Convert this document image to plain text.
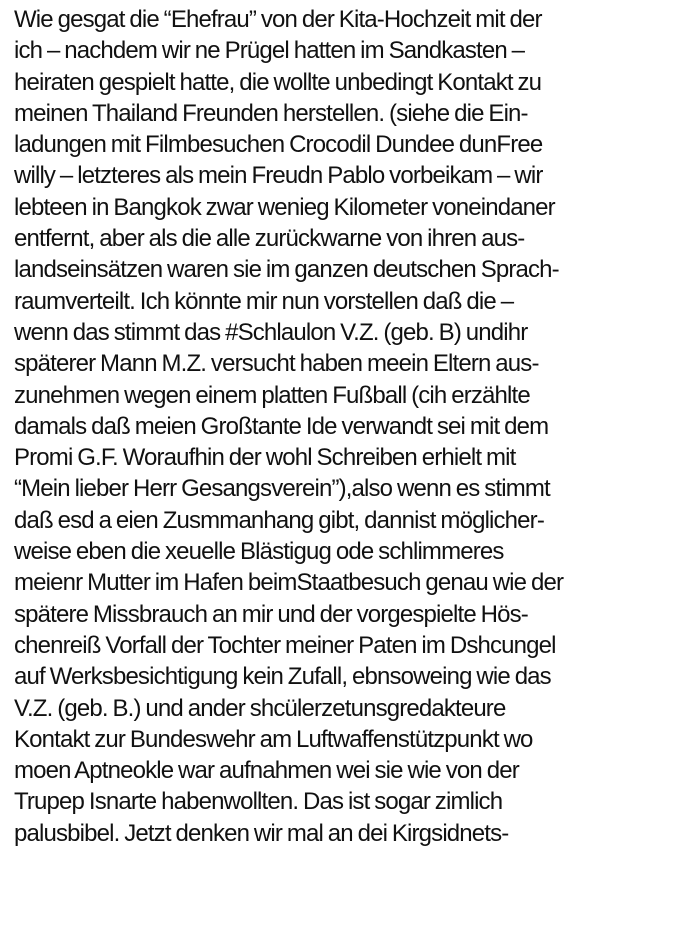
Wie gesgat die “Ehefrau” von der Kita-Hochzeit mit der
ich – nachdem wir ne Prügel hatten im Sandkasten –
heiraten gespielt hatte, die wollte unbedingt Kontakt zu
meinen Thailand Freunden herstellen. (siehe die Ein-
ladungen mit Filmbesuchen Crocodil Dundee dunFree
willy – letzteres als mein Freudn Pablo vorbeikam – wir
lebteen in Bangkok zwar wenieg Kilometer voneindaner
entfernt, aber als die alle zurückwarne von ihren aus-
landseinsätzen waren sie im ganzen deutschen Sprach-
raumverteilt. Ich könnte mir nun vorstellen daß die –
wenn das stimmt das #Schlaulon V.Z. (geb. B) undihr
späterer Mann M.Z. versucht haben meein Eltern aus-
zunehmen wegen einem platten Fußball (cih erzählte
damals daß meien Großtante Ide verwandt sei mit dem
Promi G.F. Woraufhin der wohl Schreiben erhielt mit
“Mein lieber Herr Gesangsverein”),also wenn es stimmt
daß esd a eien Zusmmanhang gibt, dannist möglicher-
weise eben die xeuelle Blästigug ode schlimmeres
meienr Mutter im Hafen beimStaatbesuch genau wie der
spätere Missbrauch an mir und der vorgespielte Hös-
chenreiß Vorfall der Tochter meiner Paten im Dshcungel
auf Werksbesichtigung kein Zufall, ebnsoweing wie das
V.Z. (geb. B.) und ander shcülerzetunsgredakteure
Kontakt zur Bundeswehr am Luftwaffenstützpunkt wo
moen Aptneokle war aufnahmen wei sie wie von der
Trupep Isnarte habenwollten. Das ist sogar zimlich
palusbibel. Jetzt denken wir mal an dei Kirgsidnets-
